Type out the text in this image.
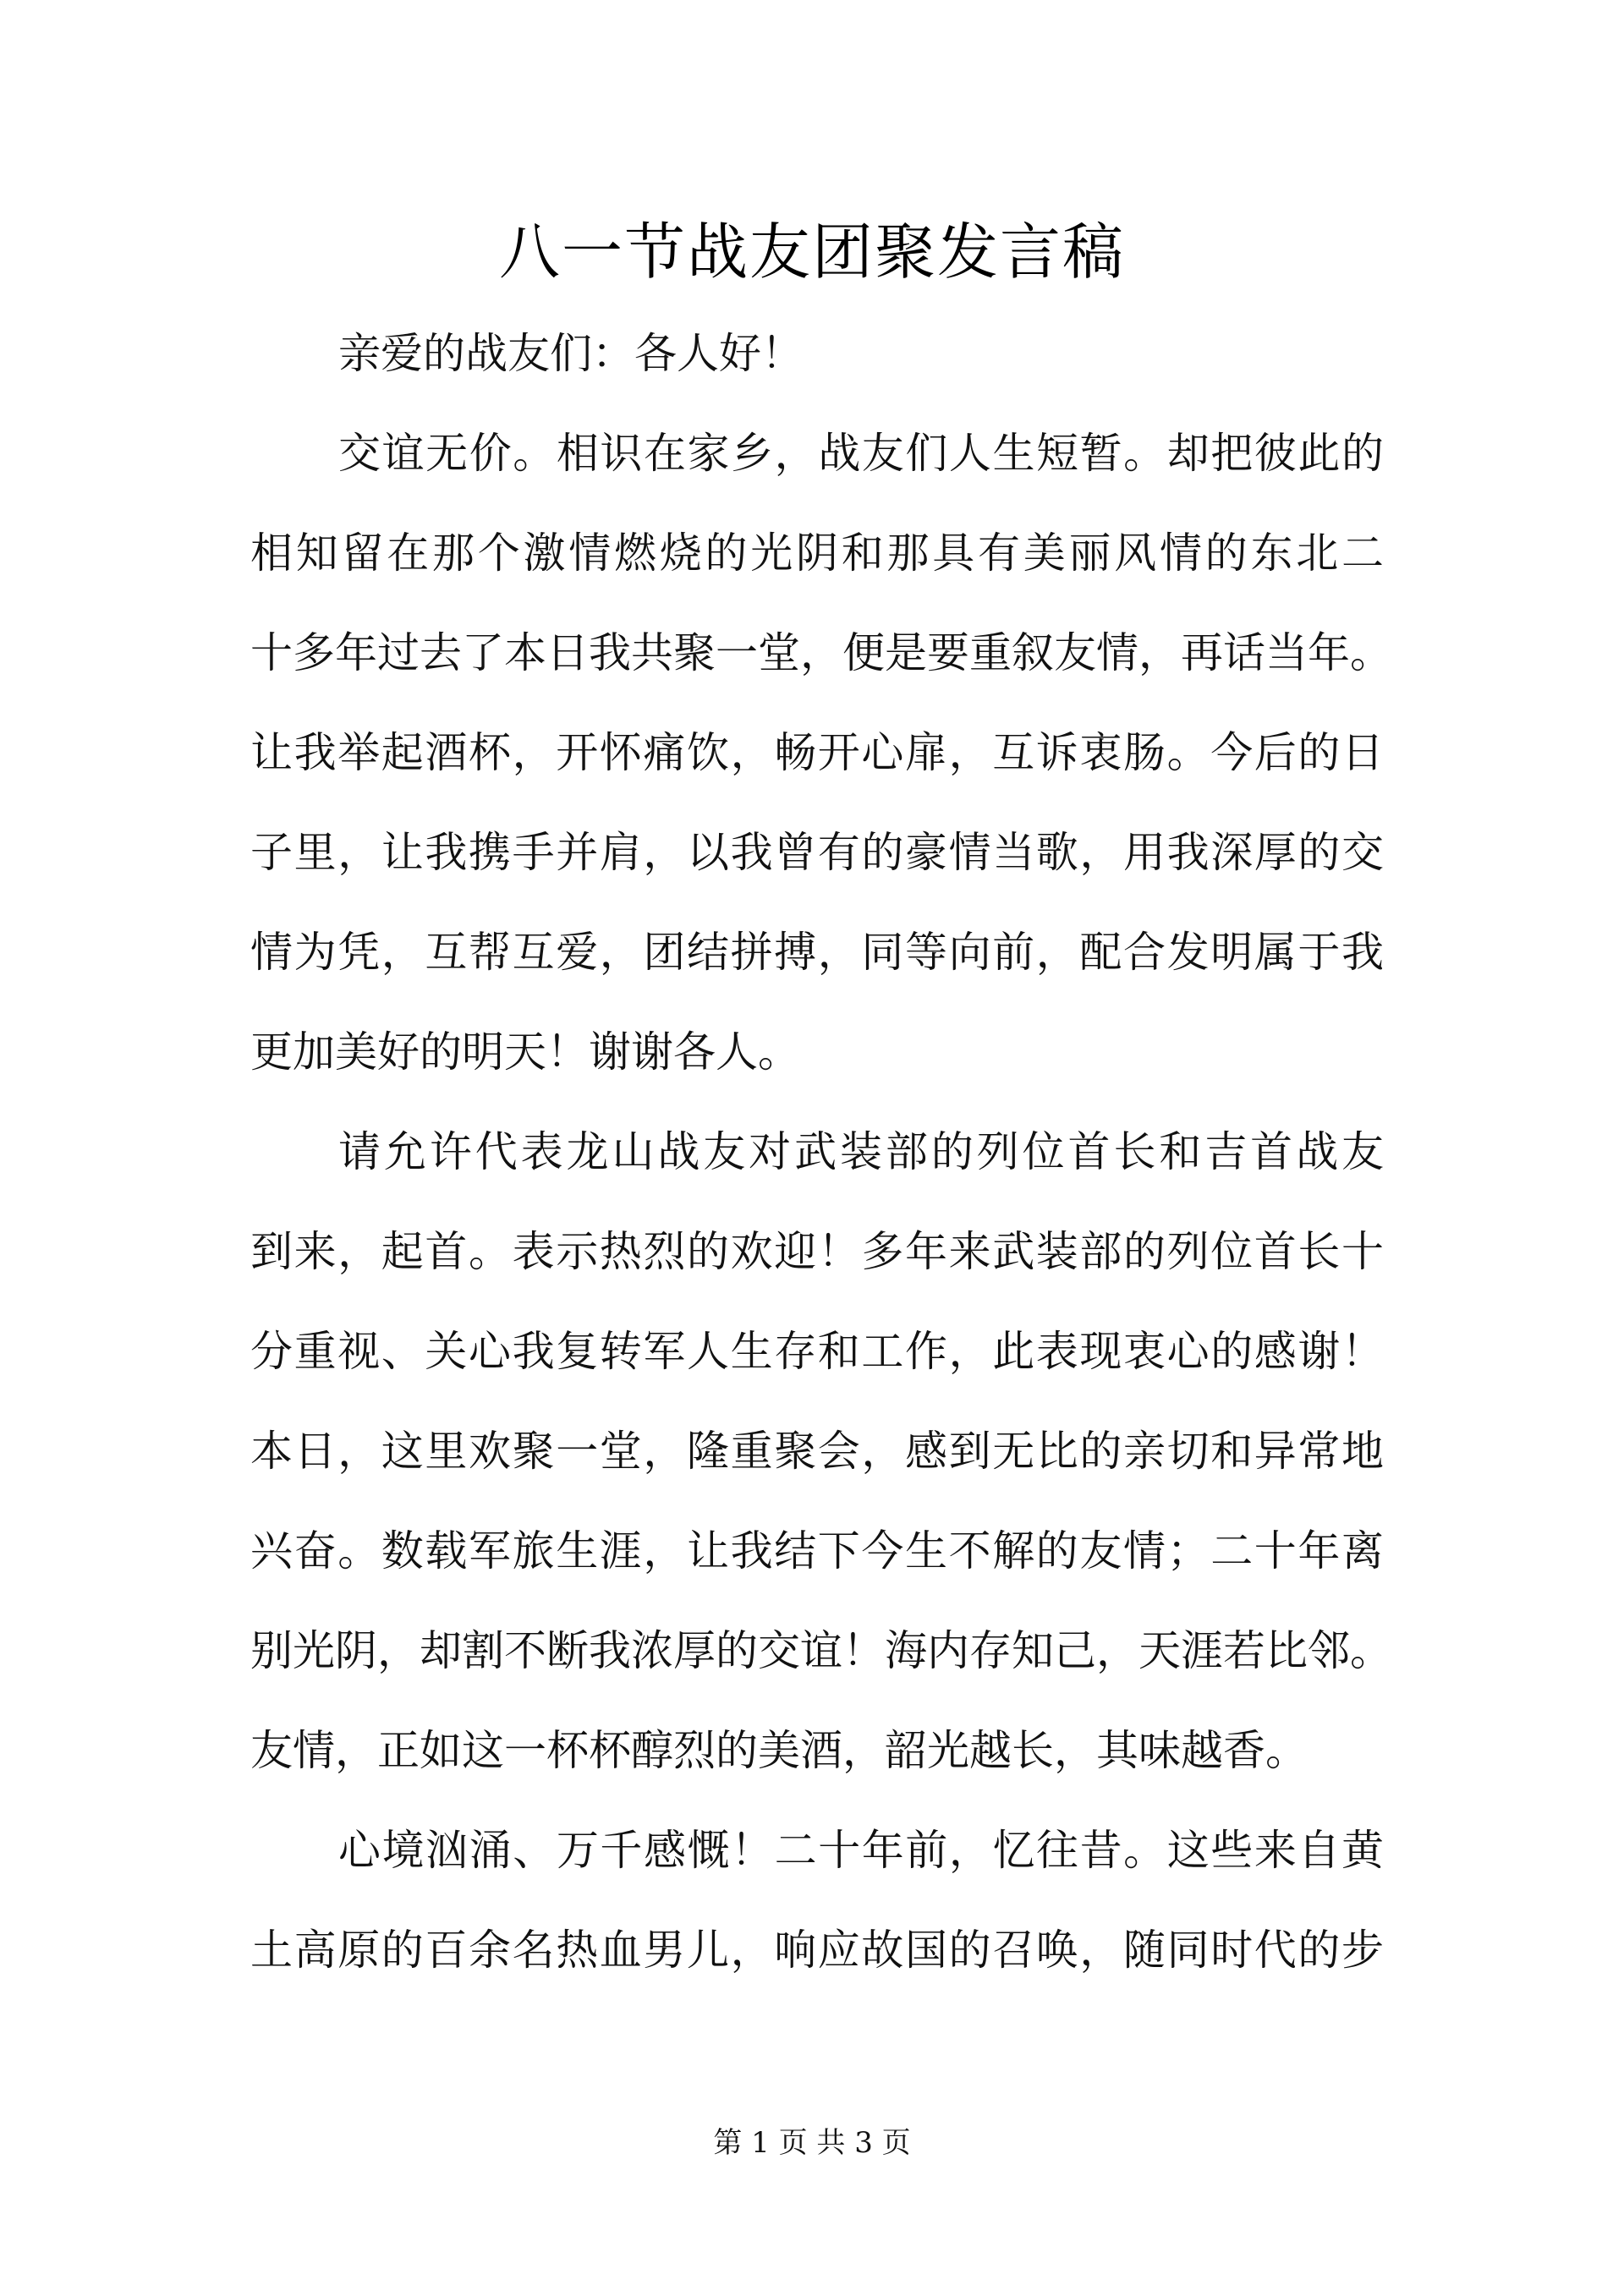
八一节战友团聚发言稿
亲爱的战友们：各人好！
交谊无价。相识在家乡，战友们人生短暂。却把彼此的
相知留在那个激情燃烧的光阴和那具有美丽风情的东北二
十多年过去了本日我共聚一堂，便是要重叙友情，再话当年。
让我举起酒杯，开怀痛饮，畅开心扉，互诉衷肠。今后的日
子里，让我携手并肩，以我曾有的豪情当歌，用我深厚的交
情为凭，互帮互爱，团结拼搏，同等向前，配合发明属于我
更加美好的明天！谢谢各人。
请允许代表龙山战友对武装部的列位首长和吉首战友
到来，起首。表示热烈的欢迎！多年来武装部的列位首长十
分重视、关心我复转军人生存和工作，此表现衷心的感谢！
本日，这里欢聚一堂，隆重聚会，感到无比的亲切和异常地
兴奋。数载军旅生涯，让我结下今生不解的友情；二十年离
别光阴，却割不断我浓厚的交谊！海内存知己，天涯若比邻。
友情，正如这一杯杯醇烈的美酒，韶光越长，其味越香。
心境汹涌、万千感慨！二十年前，忆往昔。这些来自黄
土高原的百余名热血男儿，响应故国的召唤，随同时代的步
第 1 页 共 3 页
